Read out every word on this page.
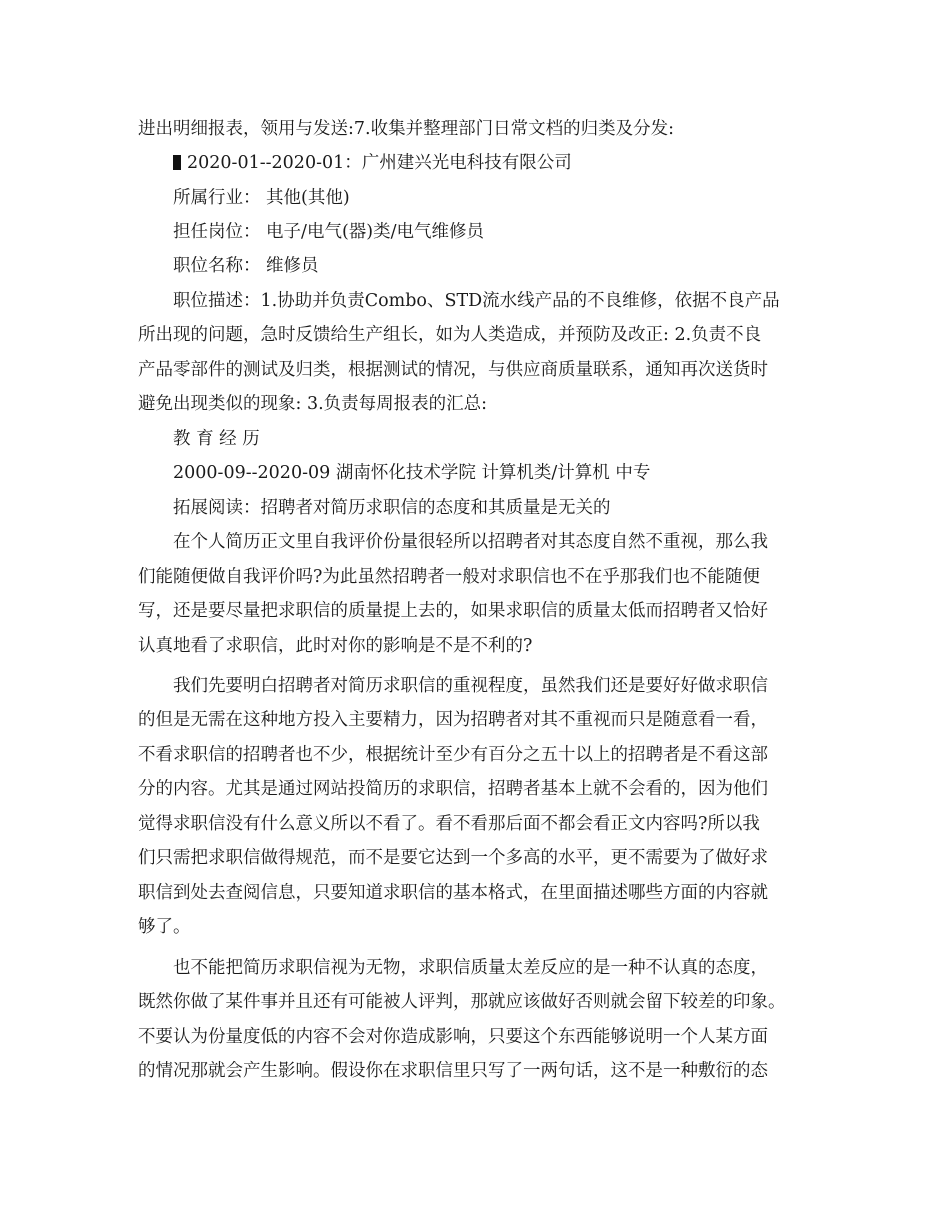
进出明细报表，领用与发送:7.收集并整理部门日常文档的归类及分发:
2020-01--2020-01：广州建兴光电科技有限公司
所属行业： 其他(其他)
担任岗位： 电子/电气(器)类/电气维修员
职位名称： 维修员
职位描述：1.协助并负责Combo、STD流水线产品的不良维修，依据不良产品
所出现的问题，急时反馈给生产组长，如为人类造成，并预防及改正: 2.负责不良
产品零部件的测试及归类，根据测试的情况，与供应商质量联系，通知再次送货时
避免出现类似的现象: 3.负责每周报表的汇总:
教 育 经 历
2000-09--2020-09 湖南怀化技术学院 计算机类/计算机 中专
拓展阅读：招聘者对简历求职信的态度和其质量是无关的
在个人简历正文里自我评价份量很轻所以招聘者对其态度自然不重视，那么我
们能随便做自我评价吗?为此虽然招聘者一般对求职信也不在乎那我们也不能随便
写，还是要尽量把求职信的质量提上去的，如果求职信的质量太低而招聘者又恰好
认真地看了求职信，此时对你的影响是不是不利的?
我们先要明白招聘者对简历求职信的重视程度，虽然我们还是要好好做求职信
的但是无需在这种地方投入主要精力，因为招聘者对其不重视而只是随意看一看，
不看求职信的招聘者也不少，根据统计至少有百分之五十以上的招聘者是不看这部
分的内容。尤其是通过网站投简历的求职信，招聘者基本上就不会看的，因为他们
觉得求职信没有什么意义所以不看了。看不看那后面不都会看正文内容吗?所以我
们只需把求职信做得规范，而不是要它达到一个多高的水平，更不需要为了做好求
职信到处去查阅信息，只要知道求职信的基本格式，在里面描述哪些方面的内容就
够了。
也不能把简历求职信视为无物，求职信质量太差反应的是一种不认真的态度，
既然你做了某件事并且还有可能被人评判，那就应该做好否则就会留下较差的印象。
不要认为份量度低的内容不会对你造成影响，只要这个东西能够说明一个人某方面
的情况那就会产生影响。假设你在求职信里只写了一两句话，这不是一种敷衍的态
